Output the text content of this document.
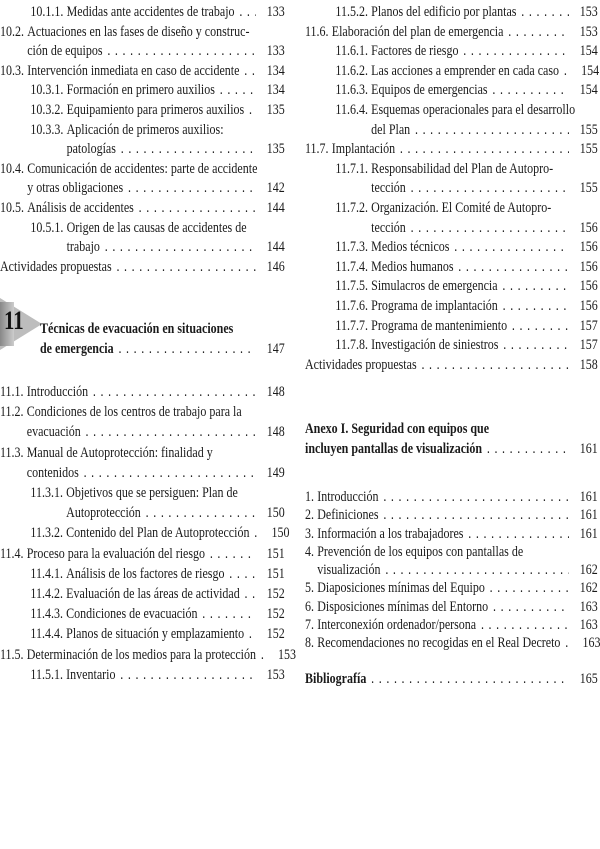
10.1.1. Medidas ante accidentes de trabajo . . .	133
10.2. Actuaciones en las fases de diseño y construc-
ción de equipos . . .	133
10.3. Intervención inmediata en caso de accidente . . .	134
10.3.1. Formación en primero auxilios . . .	134
10.3.2. Equipamiento para primeros auxilios . . .	135
10.3.3. Aplicación de primeros auxilios:
patologías . . .	135
10.4. Comunicación de accidentes: parte de accidente
y otras obligaciones . . .	142
10.5. Análisis de accidentes . . .	144
10.5.1. Origen de las causas de accidentes de
trabajo . . .	144
Actividades propuestas . . .	146
11 Técnicas de evacuación en situaciones
de emergencia . . .	147
11.1. Introducción . . .	148
11.2. Condiciones de los centros de trabajo para la
evacuación . . .	148
11.3. Manual de Autoprotección: finalidad y
contenidos . . .	149
11.3.1. Objetivos que se persiguen: Plan de
Autoprotección . . .	150
11.3.2. Contenido del Plan de Autoprotección . . .	150
11.4. Proceso para la evaluación del riesgo . . .	151
11.4.1. Análisis de los factores de riesgo . . .	151
11.4.2. Evaluación de las áreas de actividad . . .	152
11.4.3. Condiciones de evacuación . . .	152
11.4.4. Planos de situación y emplazamiento . . .	152
11.5. Determinación de los medios para la protección . . .	153
11.5.1. Inventario . . .	153
11.5.2. Planos del edificio por plantas . . .	153
11.6. Elaboración del plan de emergencia . . .	153
11.6.1. Factores de riesgo . . .	154
11.6.2. Las acciones a emprender en cada caso . . .	154
11.6.3. Equipos de emergencias . . .	154
11.6.4. Esquemas operacionales para el desarrollo
del Plan . . .	155
11.7. Implantación . . .	155
11.7.1. Responsabilidad del Plan de Autopro-
tección . . .	155
11.7.2. Organización. El Comité de Autopro-
tección . . .	156
11.7.3. Medios técnicos . . .	156
11.7.4. Medios humanos . . .	156
11.7.5. Simulacros de emergencia . . .	156
11.7.6. Programa de implantación . . .	156
11.7.7. Programa de mantenimiento . . .	157
11.7.8. Investigación de siniestros . . .	157
Actividades propuestas . . .	158
Anexo I. Seguridad con equipos que
incluyen pantallas de visualización . . .	161
1. Introducción . . .	161
2. Definiciones . . .	161
3. Información a los trabajadores . . .	161
4. Prevención de los equipos con pantallas de
visualización . . .	162
5. Diaposiciones mínimas del Equipo . . .	162
6. Disposiciones mínimas del Entorno . . .	163
7. Interconexión ordenador/persona . . .	163
8. Recomendaciones no recogidas en el Real Decreto . . .	163
Bibliografía . . .	165
